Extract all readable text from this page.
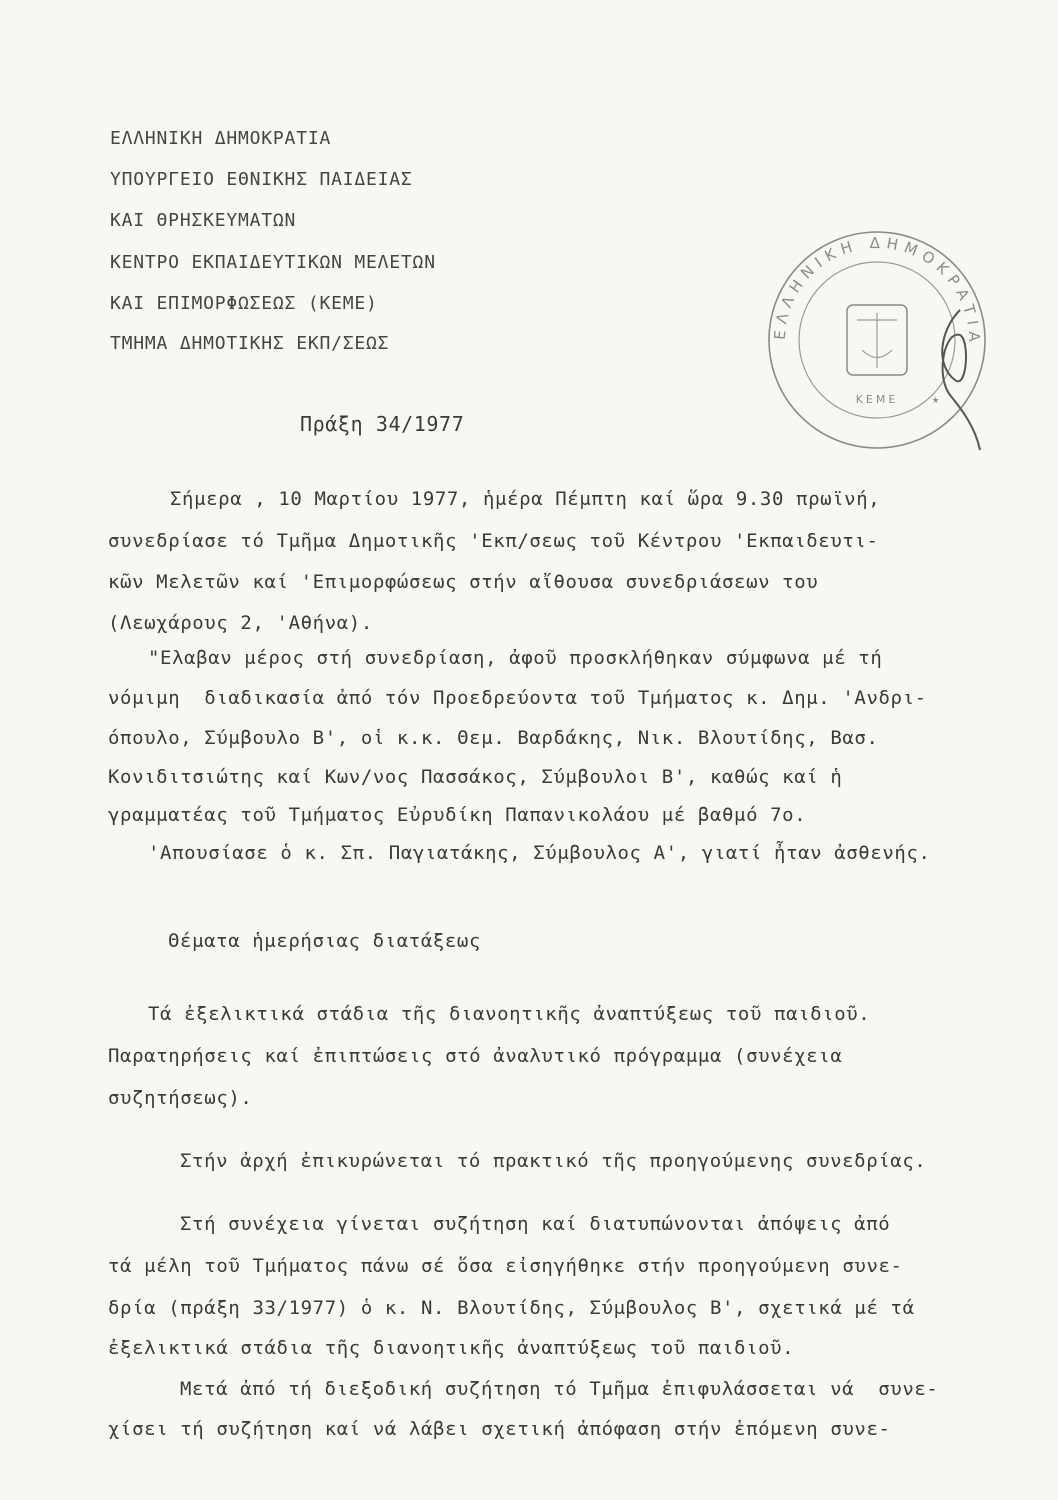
ΕΛΛΗΝΙΚΗ ΔΗΜΟΚΡΑΤΙΑ
ΥΠΟΥΡΓΕΙΟ ΕΘΝΙΚΗΣ ΠΑΙΔΕΙΑΣ
ΚΑΙ ΘΡΗΣΚΕΥΜΑΤΩΝ
ΚΕΝΤΡΟ ΕΚΠΑΙΔΕΥΤΙΚΩΝ ΜΕΛΕΤΩΝ
ΚΑΙ ΕΠΙΜΟΡΦΩΣΕΩΣ (ΚΕΜΕ)
ΤΜΗΜΑ ΔΗΜΟΤΙΚΗΣ ΕΚΠ/ΣΕΩΣ
ΕΛΛΗΝΙΚΗ ΔΗΜΟΚΡΑΤΙΑ
ΚΕΜΕ	★
Πράξη 34/1977
Σήμερα , 10 Μαρτίου 1977, ἡμέρα Πέμπτη καί ὥρα 9.30 πρωϊνή,
συνεδρίασε τό Τμῆμα Δημοτικῆς 'Εκπ/σεως τοῦ Κέντρου 'Εκπαιδευτι-
κῶν Μελετῶν καί 'Επιμορφώσεως στήν αἴθουσα συνεδριάσεων του
(Λεωχάρους 2, 'Αθήνα).
"Ελαβαν μέρος στή συνεδρίαση, ἀφοῦ προσκλήθηκαν σύμφωνα μέ τή
νόμιμη  διαδικασία ἀπό τόν Προεδρεύοντα τοῦ Τμήματος κ. Δημ. 'Ανδρι-
όπουλο, Σύμβουλο Β', οἱ κ.κ. Θεμ. Βαρδάκης, Νικ. Βλουτίδης, Βασ.
Κονιδιτσιώτης καί Κων/νος Πασσάκος, Σύμβουλοι Β', καθώς καί ἡ
γραμματέας τοῦ Τμήματος Εὐρυδίκη Παπανικολάου μέ βαθμό 7ο.
'Απουσίασε ὁ κ. Σπ. Παγιατάκης, Σύμβουλος Α', γιατί ἦταν ἀσθενής.
Θέματα ἡμερήσιας διατάξεως
Τά ἐξελικτικά στάδια τῆς διανοητικῆς ἀναπτύξεως τοῦ παιδιοῦ.
Παρατηρήσεις καί ἐπιπτώσεις στό ἀναλυτικό πρόγραμμα (συνέχεια
συζητήσεως).
Στήν ἀρχή ἐπικυρώνεται τό πρακτικό τῆς προηγούμενης συνεδρίας.
Στή συνέχεια γίνεται συζήτηση καί διατυπώνονται ἀπόψεις ἀπό
τά μέλη τοῦ Τμήματος πάνω σέ ὅσα εἰσηγήθηκε στήν προηγούμενη συνε-
δρία (πράξη 33/1977) ὁ κ. Ν. Βλουτίδης, Σύμβουλος Β', σχετικά μέ τά
ἐξελικτικά στάδια τῆς διανοητικῆς ἀναπτύξεως τοῦ παιδιοῦ.
Μετά ἀπό τή διεξοδική συζήτηση τό Τμῆμα ἐπιφυλάσσεται νά  συνε-
χίσει τή συζήτηση καί νά λάβει σχετική ἀπόφαση στήν ἑπόμενη συνε-
